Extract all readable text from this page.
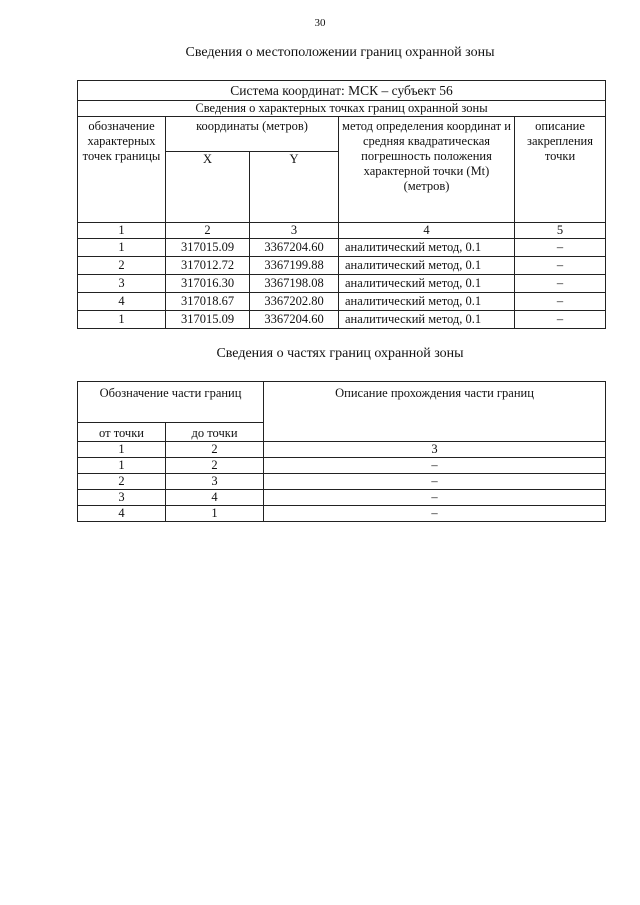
30
Сведения о местоположении границ охранной зоны
Система координат: МСК – субъект 56				
Сведения о характерных точках границ охранной зоны				
обозначение характерных точек границы	координаты (метров)		метод определения координат и средняя квадратическая погрешность положения характерной точки (Mt) (метров)	описание закрепления точки
	X	Y		
1	2	3	4	5
1	317015.09	3367204.60	аналитический метод, 0.1	–
2	317012.72	3367199.88	аналитический метод, 0.1	–
3	317016.30	3367198.08	аналитический метод, 0.1	–
4	317018.67	3367202.80	аналитический метод, 0.1	–
1	317015.09	3367204.60	аналитический метод, 0.1	–
Сведения о частях границ охранной зоны
Обозначение части границ		Описание прохождения части границ
от точки	до точки	
1	2	3
1	2	–
2	3	–
3	4	–
4	1	–
